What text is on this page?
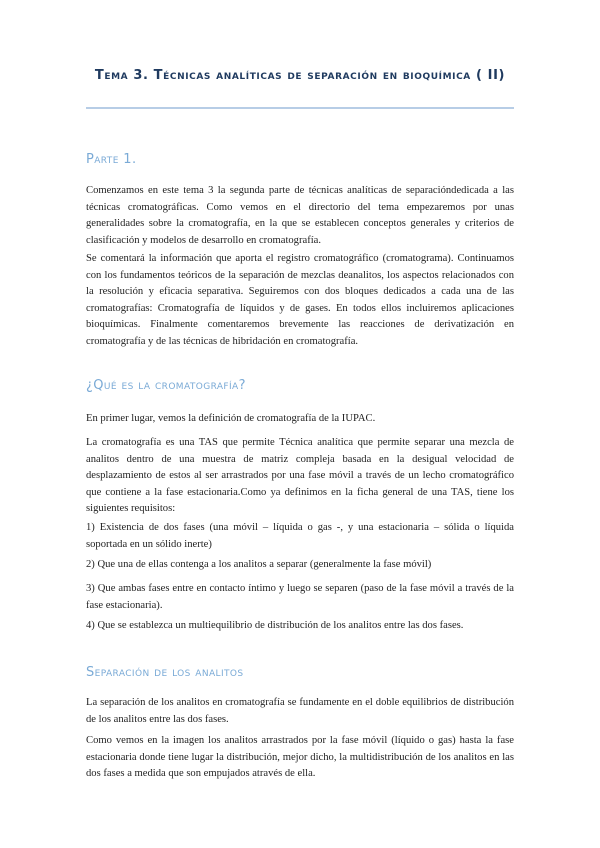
Tema 3. Técnicas analíticas de separación en bioquímica ( II)
Parte 1.

Comenzamos en este tema 3 la segunda parte de técnicas analíticas de separacióndedicada a las técnicas cromatográficas. Como vemos en el directorio del tema empezaremos por unas generalidades sobre la cromatografía, en la que se establecen conceptos generales y criterios de clasificación y modelos de desarrollo en cromatografía.

Se comentará la información que aporta el registro cromatográfico (cromatograma). Continuamos con los fundamentos teóricos de la separación de mezclas deanalitos, los aspectos relacionados con la resolución y eficacia separativa. Seguiremos con dos bloques dedicados a cada una de las cromatografías: Cromatografía de líquidos y de gases. En todos ellos incluiremos aplicaciones bioquímicas. Finalmente comentaremos brevemente las reacciones de derivatización en cromatografía y de las técnicas de hibridación en cromatografía.

¿Qué es la cromatografía?

En primer lugar, vemos la definición de cromatografía de la IUPAC.

La cromatografía es una TAS que permite Técnica analítica que permite separar una mezcla de analitos dentro de una muestra de matriz compleja basada en la desigual velocidad de desplazamiento de estos al ser arrastrados por una fase móvil a través de un lecho cromatográfico que contiene a la fase estacionaria.Como ya definimos en la ficha general de una TAS, tiene los siguientes requisitos:

1) Existencia de dos fases (una móvil – líquida o gas -, y una estacionaria – sólida o líquida soportada en un sólido inerte)

2) Que una de ellas contenga a los analitos a separar (generalmente la fase móvil)

3) Que ambas fases entre en contacto íntimo y luego se separen (paso de la fase móvil a través de la fase estacionaria).

4) Que se establezca un multiequilibrio de distribución de los analitos entre las dos fases.

Separación de los analitos

La separación de los analitos en cromatografía se fundamente en el doble equilibrios de distribución de los analitos entre las dos fases.

Como vemos en la imagen los analitos arrastrados por la fase móvil (líquido o gas) hasta la fase estacionaria donde tiene lugar la distribución, mejor dicho, la multidistribución de los analitos en las dos fases a medida que son empujados através de ella.
